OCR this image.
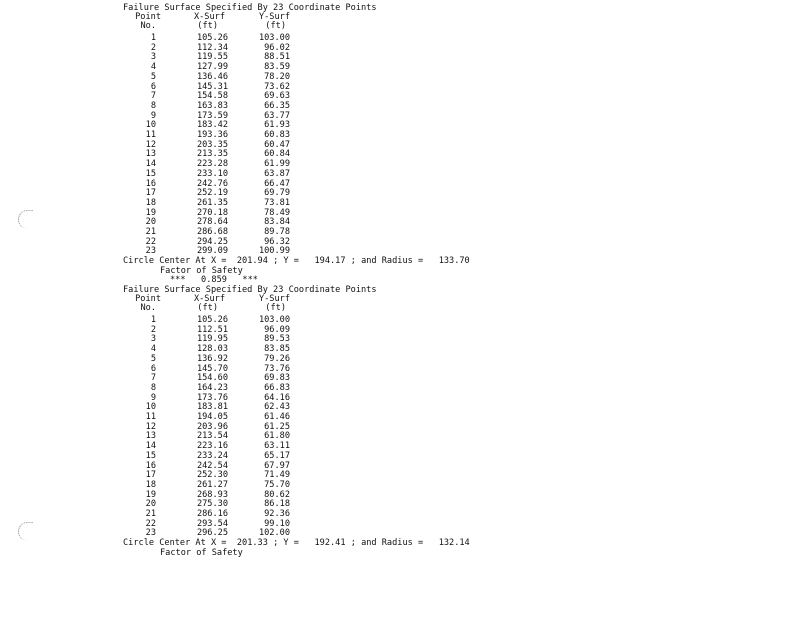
Failure Surface Specified By 23 Coordinate Points
Point	X-Surf	Y-Surf
No.	(ft)	(ft)
1	105.26	103.00
2	112.34	96.02
3	119.55	88.51
4	127.99	83.59
5	136.46	78.20
6	145.31	73.62
7	154.58	69.63
8	163.83	66.35
9	173.59	63.77
10	183.42	61.93
11	193.36	60.83
12	203.35	60.47
13	213.35	60.84
14	223.28	61.99
15	233.10	63.87
16	242.76	66.47
17	252.19	69.79
18	261.35	73.81
19	270.18	78.49
20	278.64	83.84
21	286.68	89.78
22	294.25	96.32
23	299.09	100.99
Circle Center At X = 201.94 ; Y = 194.17 ; and Radius = 133.70
Factor of Safety
***   0.859   ***
Failure Surface Specified By 23 Coordinate Points
Point	X-Surf	Y-Surf
No.	(ft)	(ft)
1	105.26	103.00
2	112.51	96.09
3	119.95	89.53
4	128.03	83.85
5	136.92	79.26
6	145.70	73.76
7	154.60	69.83
8	164.23	66.83
9	173.76	64.16
10	183.81	62.43
11	194.05	61.46
12	203.96	61.25
13	213.54	61.80
14	223.16	63.11
15	233.24	65.17
16	242.54	67.97
17	252.30	71.49
18	261.27	75.70
19	268.93	80.62
20	275.30	86.18
21	286.16	92.36
22	293.54	99.10
23	296.25	102.00
Circle Center At X = 201.33 ; Y = 192.41 ; and Radius = 132.14
Factor of Safety
